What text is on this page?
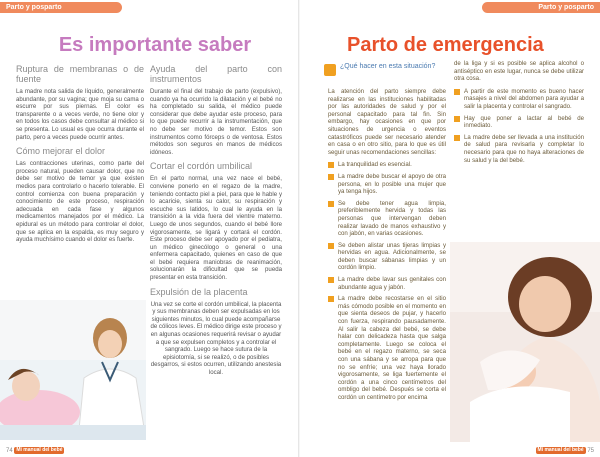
Parto y posparto
Es importante saber
Ruptura de membranas o de fuente
La madre nota salida de líquido, generalmente abundante, por su vagina; que moja su cama o escurre por sus piernas. El color es transparente o a veces verde, no tiene olor y en todos los casos debe consultar al médico si se presenta. Lo usual es que ocurra durante el parto, pero a veces puede ocurrir antes.
Cómo mejorar el dolor
Las contracciones uterinas, como parte del proceso natural, pueden causar dolor, que no debe ser motivo de temor ya que existen medios para controlarlo o hacerlo tolerable. El control comienza con buena preparación y conocimiento de este proceso, respiración adecuada en cada fase y algunos medicamentos manejados por el médico. La epidural es un método para controlar el dolor, que se aplica en la espalda, es muy seguro y ayuda muchísimo cuando el dolor es fuerte.
Ayuda del parto con instrumentos
Durante el final del trabajo de parto (expulsivo), cuando ya ha ocurrido la dilatación y el bebé no ha completado su salida, el médico puede considerar que debe ayudar este proceso, para lo que puede recurrir a la instrumentación, que no debe ser motivo de temor. Estos son instrumentos como fórceps o de ventosa. Estos métodos son seguros en manos de médicos idóneos.
Cortar el cordón umbilical
En el parto normal, una vez nace el bebé, conviene ponerlo en el regazo de la madre, teniendo contacto piel a piel, para que le hable y lo acaricie, sienta su calor, su respiración y escuche sus latidos, lo cual le ayuda en la transición a la vida fuera del vientre materno. Luego de unos segundos, cuando el bebé llore vigorosamente, se ligará y cortará el cordón. Este proceso debe ser apoyado por el pediatra, un médico ginecólogo o general o una enfermera capacitado, quienes en caso de que el bebé requiera maniobras de reanimación, solucionarán la dificultad que se pueda presentar en esta transición.
Expulsión de la placenta
Una vez se corte el cordón umbilical, la placenta y sus membranas deben ser expulsadas en los siguientes minutos, lo cual puede acompañarse de cólicos leves. El médico dirige este proceso y en algunas ocasiones requerirá revisar o ayudar a que se expulsen completos y a controlar el sangrado. Luego se hace sutura de la episiotomía, si se realizó, o de posibles desgarros, si estos ocurren, utilizando anestesia local.
74 Mi manual del bebé
Parto y posparto
Parto de emergencia
¿Qué hacer en esta situación?
La atención del parto siempre debe realizarse en las instituciones habilitadas por las autoridades de salud y por el personal capacitado para tal fin. Sin embargo, hay ocasiones en que por situaciones de urgencia o eventos catastróficos puede ser necesario atender en casa o en otro sitio, para lo que es útil seguir unas recomendaciones sencillas:
La tranquilidad es esencial.
La madre debe buscar el apoyo de otra persona, en lo posible una mujer que ya tenga hijos.
Se debe tener agua limpia, preferiblemente hervida y todas las personas que intervengan deben realizar lavado de manos exhaustivo y con jabón, en varias ocasiones.
Se deben alistar unas tijeras limpias y hervidas en agua. Adicionalmente, se deben buscar sábanas limpias y un cordón limpio.
La madre debe lavar sus genitales con abundante agua y jabón.
La madre debe recostarse en el sitio más cómodo posible en el momento en que sienta deseos de pujar, y hacerlo con fuerza, respirando pausadamente. Al salir la cabeza del bebé, se debe halar con delicadeza hasta que salga completamente. Luego se coloca el bebé en el regazo materno, se seca con una sábana y se arropa para que no se enfríe; una vez haya llorado vigorosamente, se liga fuertemente el cordón a una cinco centímetros del ombligo del bebé. Después se corta el cordón un centímetro por encima
de la liga y si es posible se aplica alcohol o antiséptico en este lugar, nunca se debe utilizar otra cosa.
A partir de este momento es bueno hacer masajes a nivel del abdomen para ayudar a salir la placenta y controlar el sangrado.
Hay que poner a lactar al bebé de inmediato.
La madre debe ser llevada a una institución de salud para revisarla y completar lo necesario para que no haya alteraciones de su salud y la del bebé.
Mi manual del bebé 75
